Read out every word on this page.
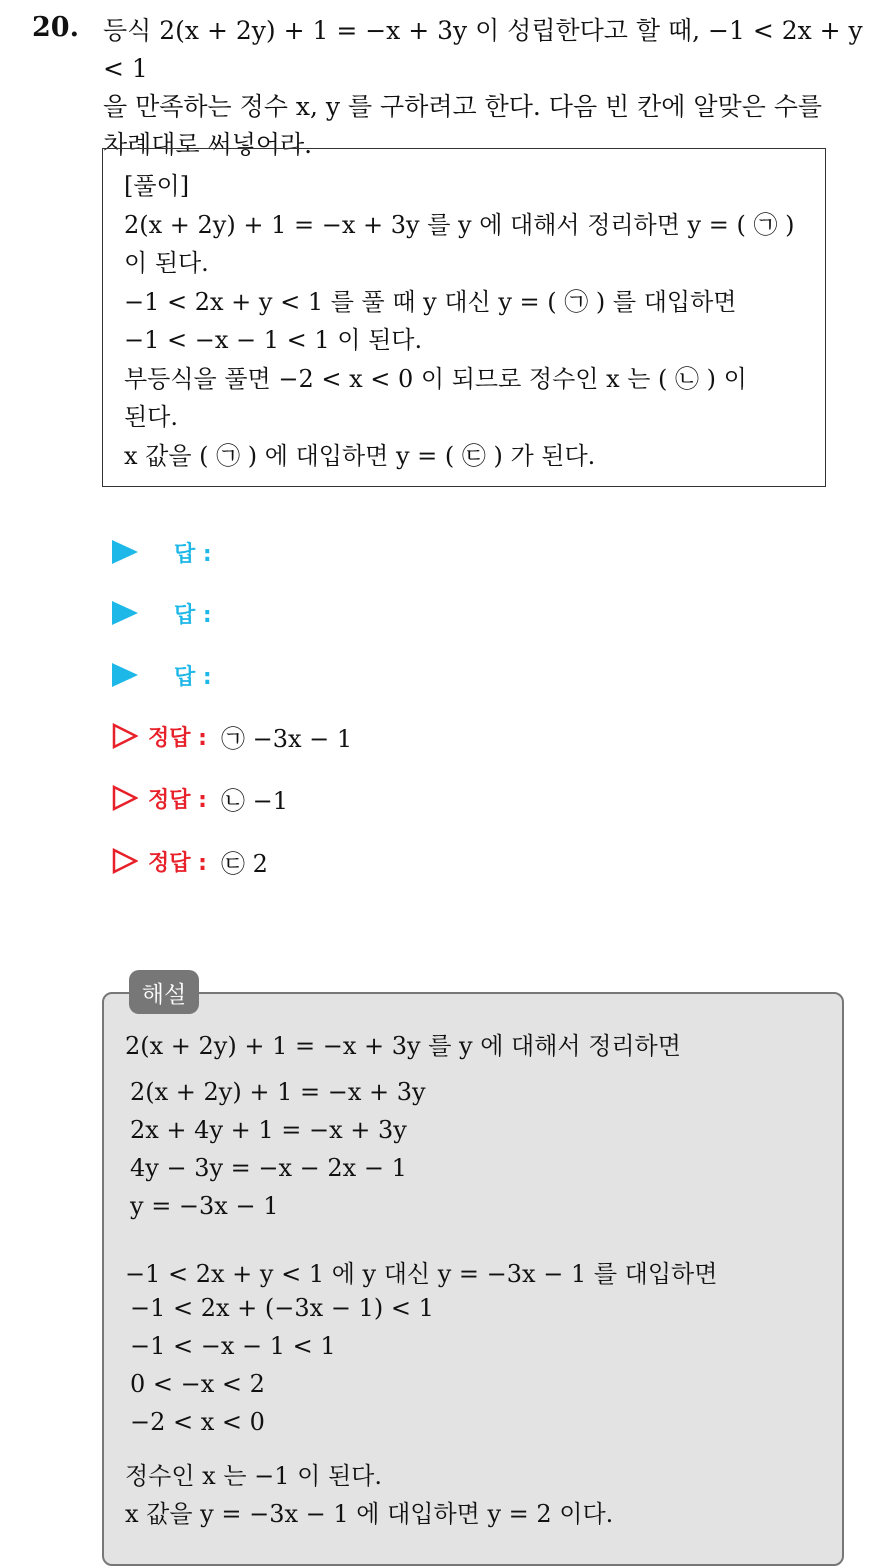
20. 등식 2(x + 2y) + 1 = −x + 3y 이 성립한다고 할 때, −1 < 2x + y < 1
을 만족하는 정수 x, y 를 구하려고 한다. 다음 빈 칸에 알맞은 수를
차례대로 써넣어라.
[풀이]
2(x + 2y) + 1 = −x + 3y 를 y 에 대해서 정리하면 y = ( ㉠ )
이 된다.
−1 < 2x + y < 1 를 풀 때 y 대신 y = ( ㉠ ) 를 대입하면
−1 < −x − 1 < 1 이 된다.
부등식을 풀면 −2 < x < 0 이 되므로 정수인 x 는 ( ㉡ ) 이
된다.
x 값을 ( ㉠ ) 에 대입하면 y = ( ㉢ ) 가 된다.
답 :
답 :
답 :
정답 : ㉠ −3x − 1
정답 : ㉡ −1
정답 : ㉢ 2
해설
2(x + 2y) + 1 = −x + 3y 를 y 에 대해서 정리하면
2(x + 2y) + 1 = −x + 3y
2x + 4y + 1 = −x + 3y
4y − 3y = −x − 2x − 1
y = −3x − 1
−1 < 2x + y < 1 에 y 대신 y = −3x − 1 를 대입하면
−1 < 2x + (−3x − 1) < 1
−1 < −x − 1 < 1
0 < −x < 2
−2 < x < 0
정수인 x 는 −1 이 된다.
x 값을 y = −3x − 1 에 대입하면 y = 2 이다.
